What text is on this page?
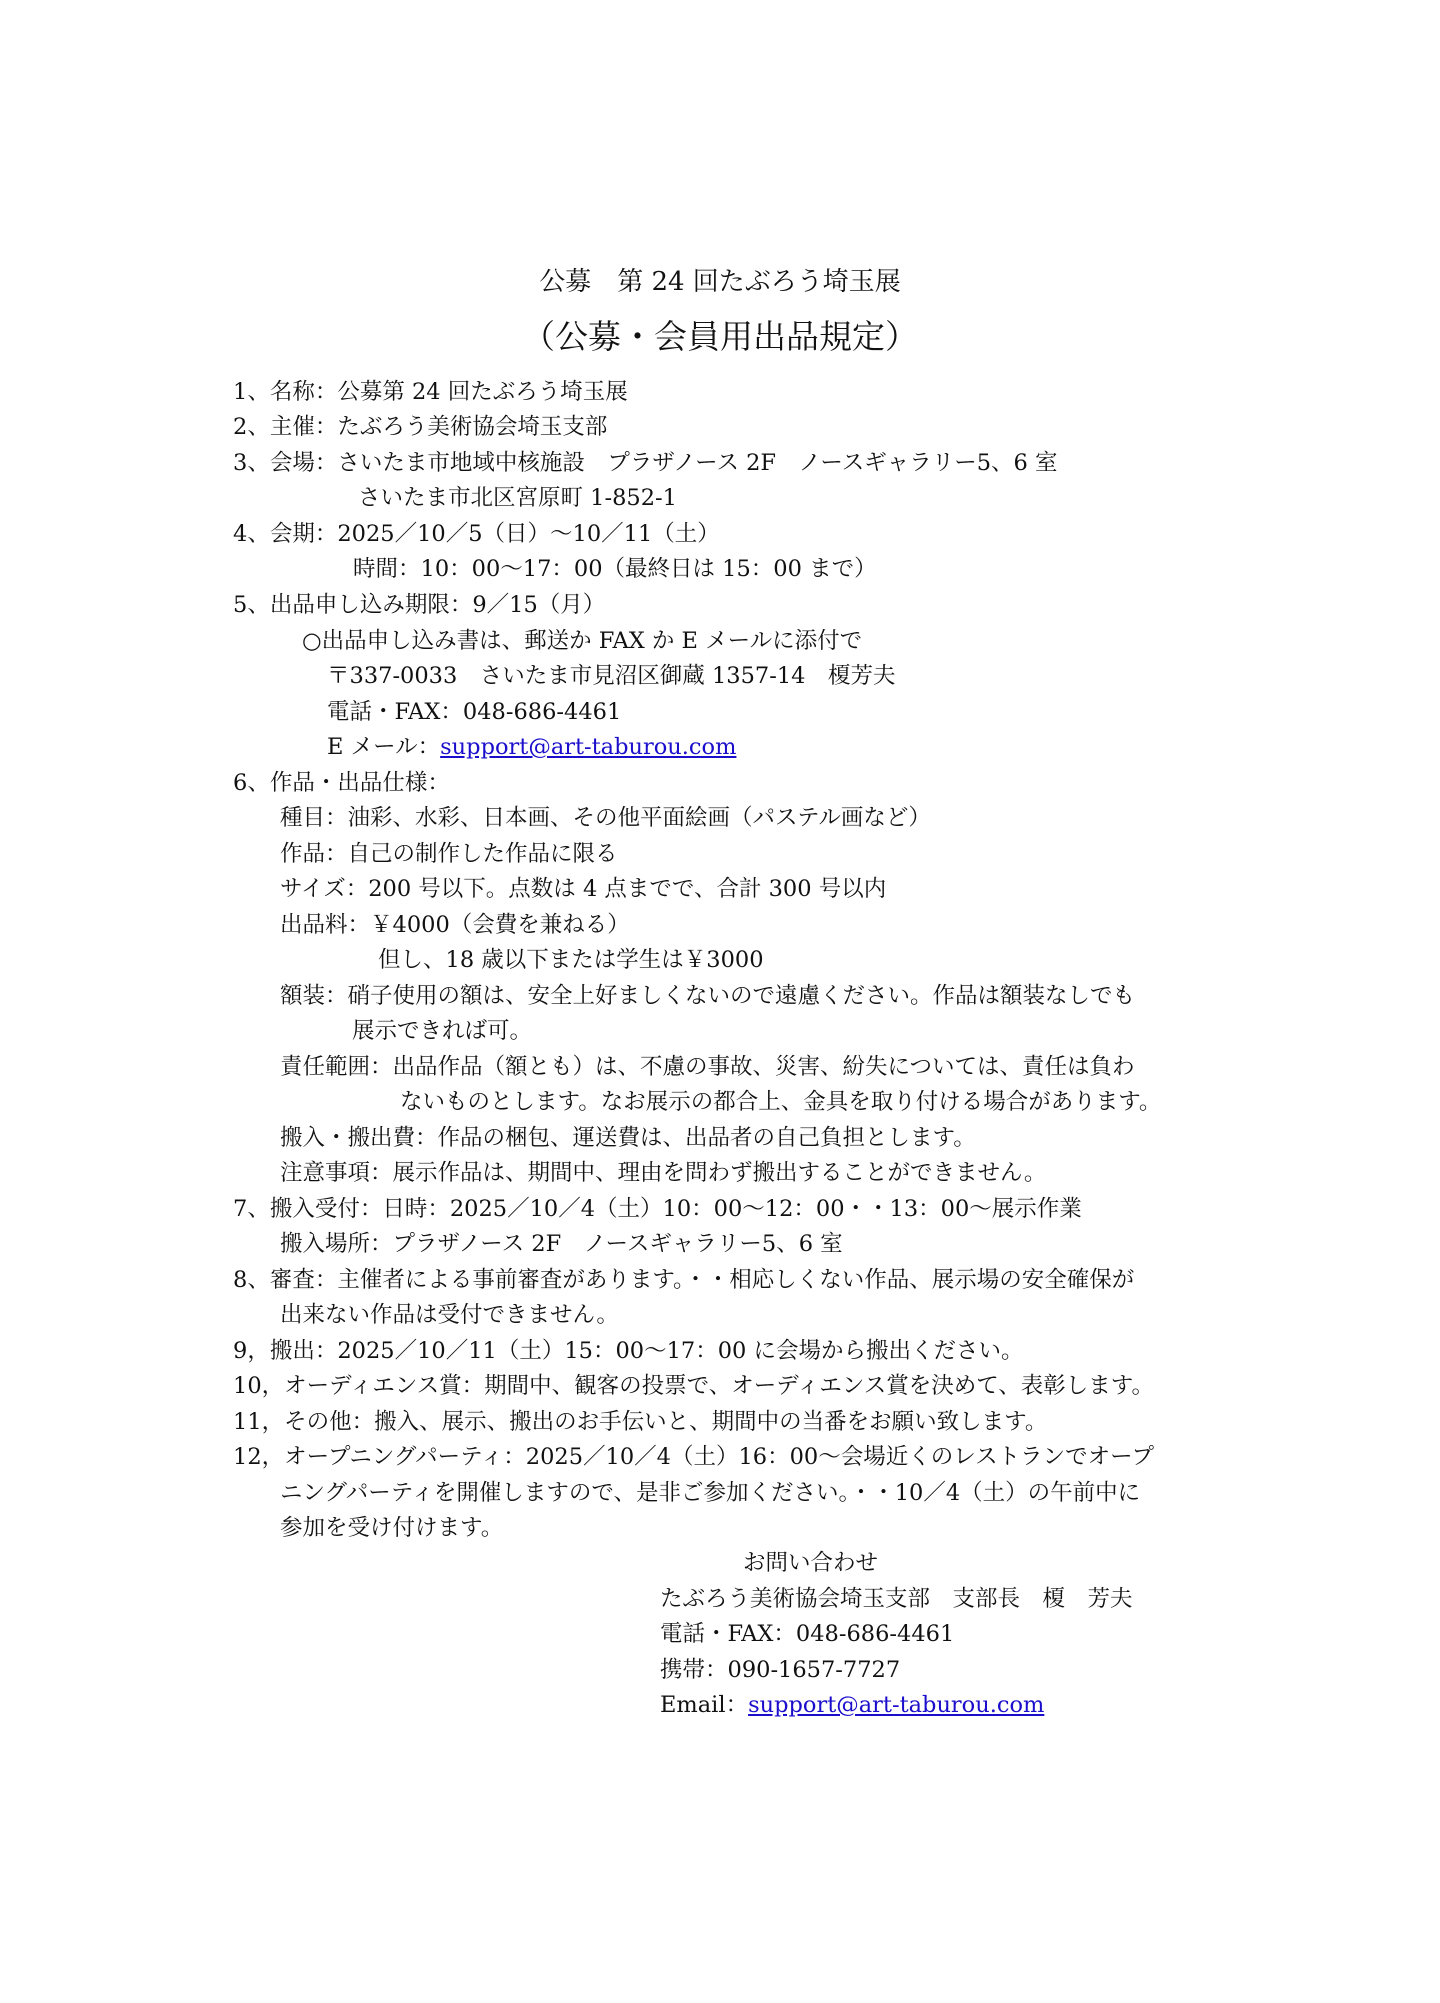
公募　第 24 回たぶろう埼玉展
（公募・会員用出品規定）
1、名称：公募第 24 回たぶろう埼玉展
2、主催：たぶろう美術協会埼玉支部
3、会場：さいたま市地域中核施設　プラザノース 2F　ノースギャラリー5、6 室
さいたま市北区宮原町 1-852-1
4、会期：2025／10／5（日）～10／11（土）
時間：10：00～17：00（最終日は 15：00 まで）
5、出品申し込み期限：9／15（月）
○出品申し込み書は、郵送か FAX か E メールに添付で
〒337-0033　さいたま市見沼区御蔵 1357-14　榎芳夫
電話・FAX：048-686-4461
E メール：support@art-taburou.com
6、作品・出品仕様：
種目：油彩、水彩、日本画、その他平面絵画（パステル画など）
作品：自己の制作した作品に限る
サイズ：200 号以下。点数は 4 点までで、合計 300 号以内
出品料：￥4000（会費を兼ねる）
但し、18 歳以下または学生は￥3000
額装：硝子使用の額は、安全上好ましくないので遠慮ください。作品は額装なしでも
展示できれば可。
責任範囲：出品作品（額とも）は、不慮の事故、災害、紛失については、責任は負わ
ないものとします。なお展示の都合上、金具を取り付ける場合があります。
搬入・搬出費：作品の梱包、運送費は、出品者の自己負担とします。
注意事項：展示作品は、期間中、理由を問わず搬出することができません。
7、搬入受付：日時：2025／10／4（土）10：00～12：00・・13：00～展示作業
搬入場所：プラザノース 2F　ノースギャラリー5、6 室
8、審査：主催者による事前審査があります。・・相応しくない作品、展示場の安全確保が
出来ない作品は受付できません。
9，搬出：2025／10／11（土）15：00～17：00 に会場から搬出ください。
10，オーディエンス賞：期間中、観客の投票で、オーディエンス賞を決めて、表彰します。
11，その他：搬入、展示、搬出のお手伝いと、期間中の当番をお願い致します。
12，オープニングパーティ：2025／10／4（土）16：00～会場近くのレストランでオープ
ニングパーティを開催しますので、是非ご参加ください。・・10／4（土）の午前中に
参加を受け付けます。
お問い合わせ
たぶろう美術協会埼玉支部　支部長　榎　芳夫
電話・FAX：048-686-4461
携帯：090-1657-7727
Email：support@art-taburou.com
